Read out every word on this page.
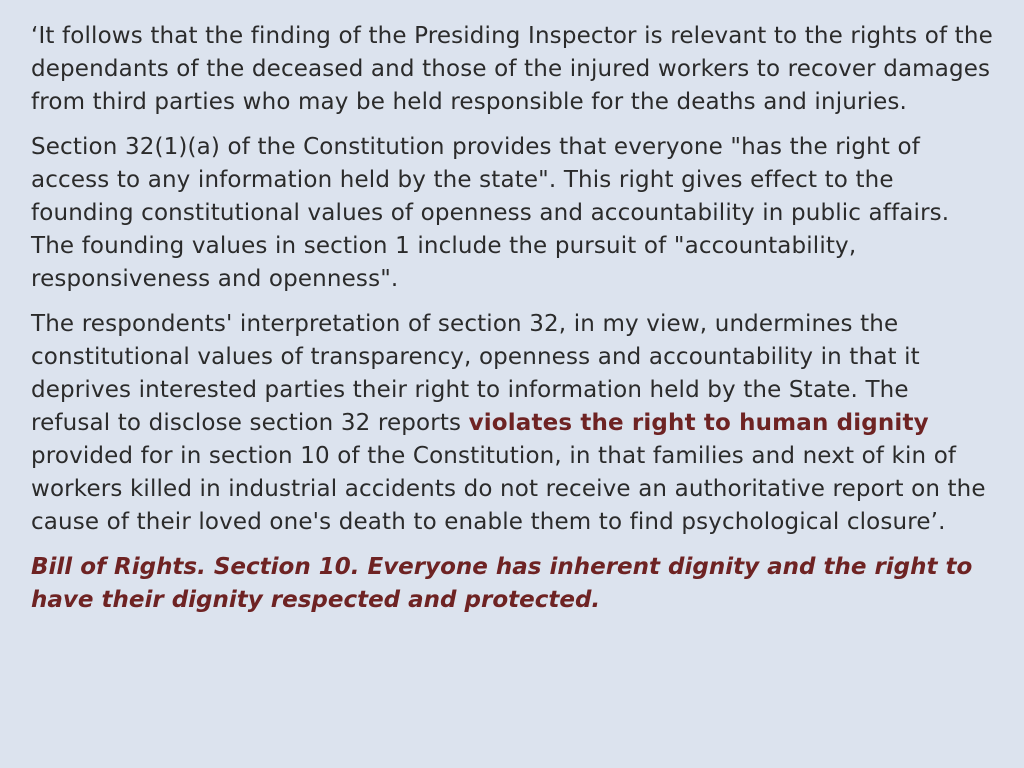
‘It follows that the finding of the Presiding Inspector is relevant to the rights of the dependants of the deceased and those of the injured workers to recover damages from third parties who may be held responsible for the deaths and injuries.

Section 32(1)(a) of the Constitution provides that everyone "has the right of access to any information held by the state". This right gives effect to the founding constitutional values of openness and accountability in public affairs. The founding values in section 1 include the pursuit of "accountability, responsiveness and openness".

The respondents' interpretation of section 32, in my view, undermines the constitutional values of transparency, openness and accountability in that it deprives interested parties their right to information held by the State. The refusal to disclose section 32 reports violates the right to human dignity provided for in section 10 of the Constitution, in that families and next of kin of workers killed in industrial accidents do not receive an authoritative report on the cause of their loved one's death to enable them to find psychological closure’.

Bill of Rights. Section 10. Everyone has inherent dignity and the right to have their dignity respected and protected.
